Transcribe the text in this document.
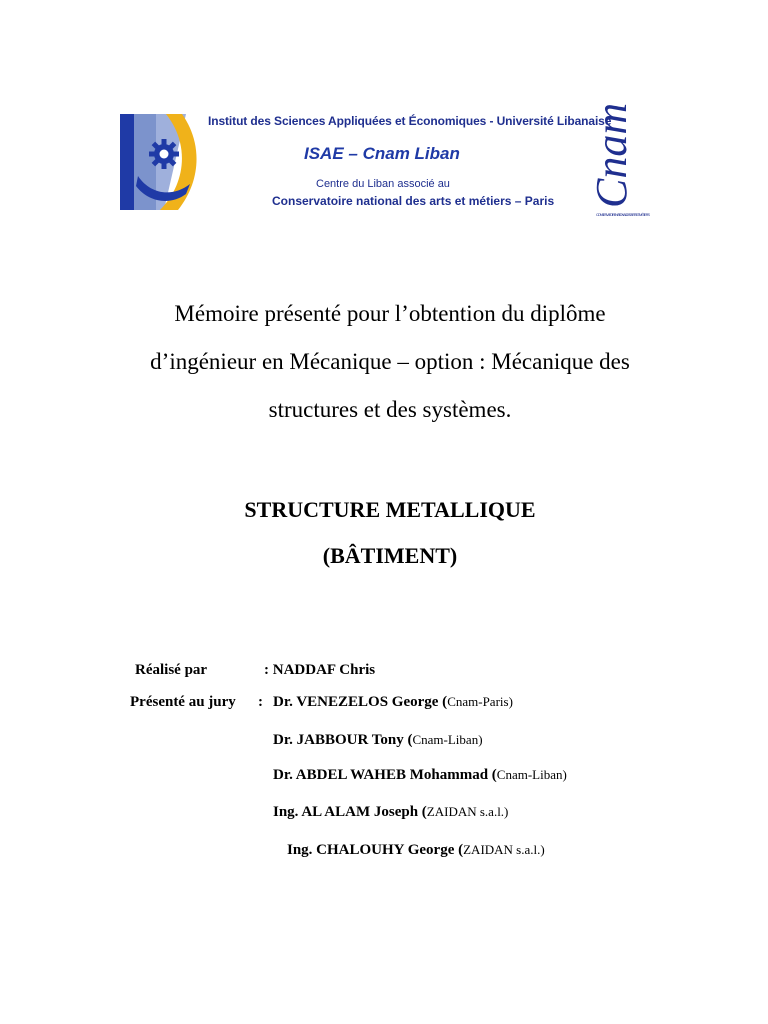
Institut des Sciences Appliquées et Économiques - Université Libanaise
ISAE – Cnam Liban
Centre du Liban associé au
Conservatoire national des arts et métiers – Paris Cnam
CONSERVATOIRE NATIONAL DES ARTS ET MÉTIERS
Mémoire présenté pour l’obtention du diplôme
d’ingénieur en Mécanique – option : Mécanique des
structures et des systèmes.
STRUCTURE METALLIQUE
(BÂTIMENT)
Réalisé par	: NADDAF Chris
Présenté au jury : Dr. VENEZELOS George (Cnam-Paris)
Dr. JABBOUR Tony (Cnam-Liban)
Dr. ABDEL WAHEB Mohammad (Cnam-Liban)
Ing. AL ALAM Joseph (ZAIDAN s.a.l.)
Ing. CHALOUHY George (ZAIDAN s.a.l.)
